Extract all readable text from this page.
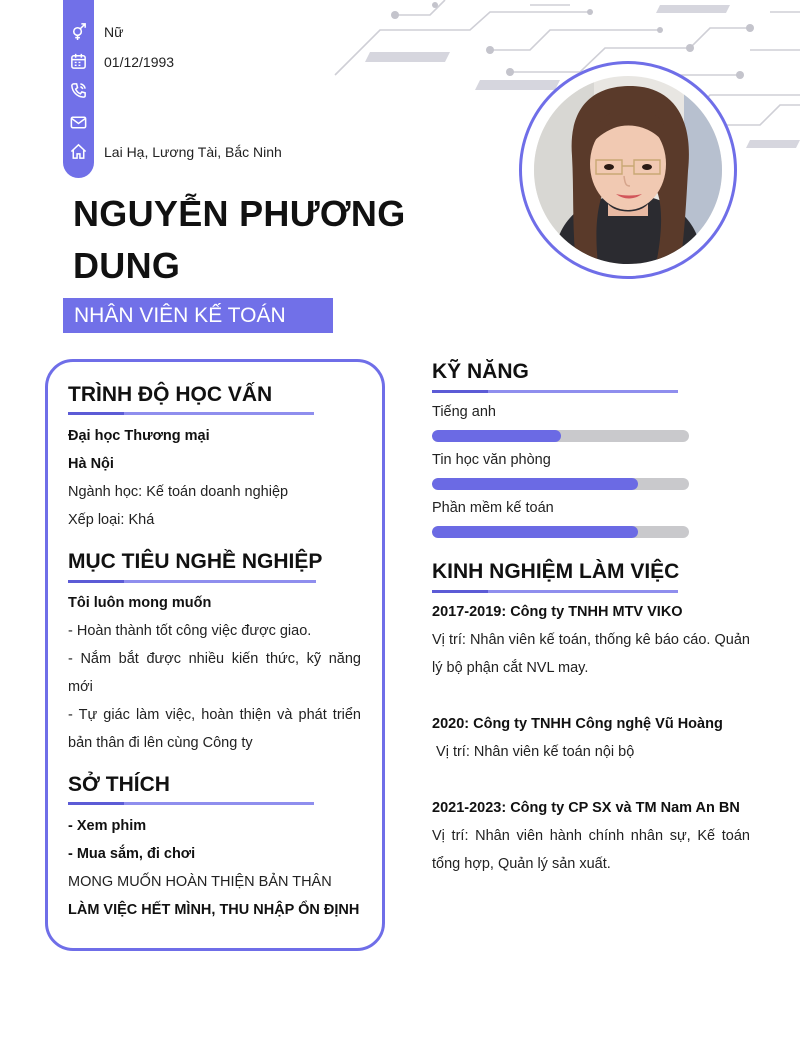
Nữ
01/12/1993
Lai Hạ, Lương Tài, Bắc Ninh
NGUYỄN PHƯƠNG DUNG
NHÂN VIÊN KẾ TOÁN
TRÌNH ĐỘ HỌC VẤN

Đại học Thương mại

Hà Nội

Ngành học: Kế toán doanh nghiệp

Xếp loại: Khá

MỤC TIÊU NGHỀ NGHIỆP

Tôi luôn mong muốn

- Hoàn thành tốt công việc được giao.

- Nắm bắt được nhiều kiến thức, kỹ năng mới

- Tự giác làm việc, hoàn thiện và phát triển bản thân đi lên cùng Công ty

SỞ THÍCH

- Xem phim

- Mua sắm, đi chơi

MONG MUỐN HOÀN THIỆN BẢN THÂN

LÀM VIỆC HẾT MÌNH, THU NHẬP ỔN ĐỊNH

KỸ NĂNG
Tiếng anh
Tin học văn phòng
Phần mềm kế toán
KINH NGHIỆM LÀM VIỆC

2017-2019: Công ty TNHH MTV VIKO

Vị trí: Nhân viên kế toán, thống kê báo cáo. Quản lý bộ phận cắt NVL may.

2020: Công ty TNHH Công nghệ Vũ Hoàng

Vị trí: Nhân viên kế toán nội bộ

2021-2023: Công ty CP SX và TM Nam An BN

Vị trí: Nhân viên hành chính nhân sự, Kế toán tổng hợp, Quản lý sản xuất.
